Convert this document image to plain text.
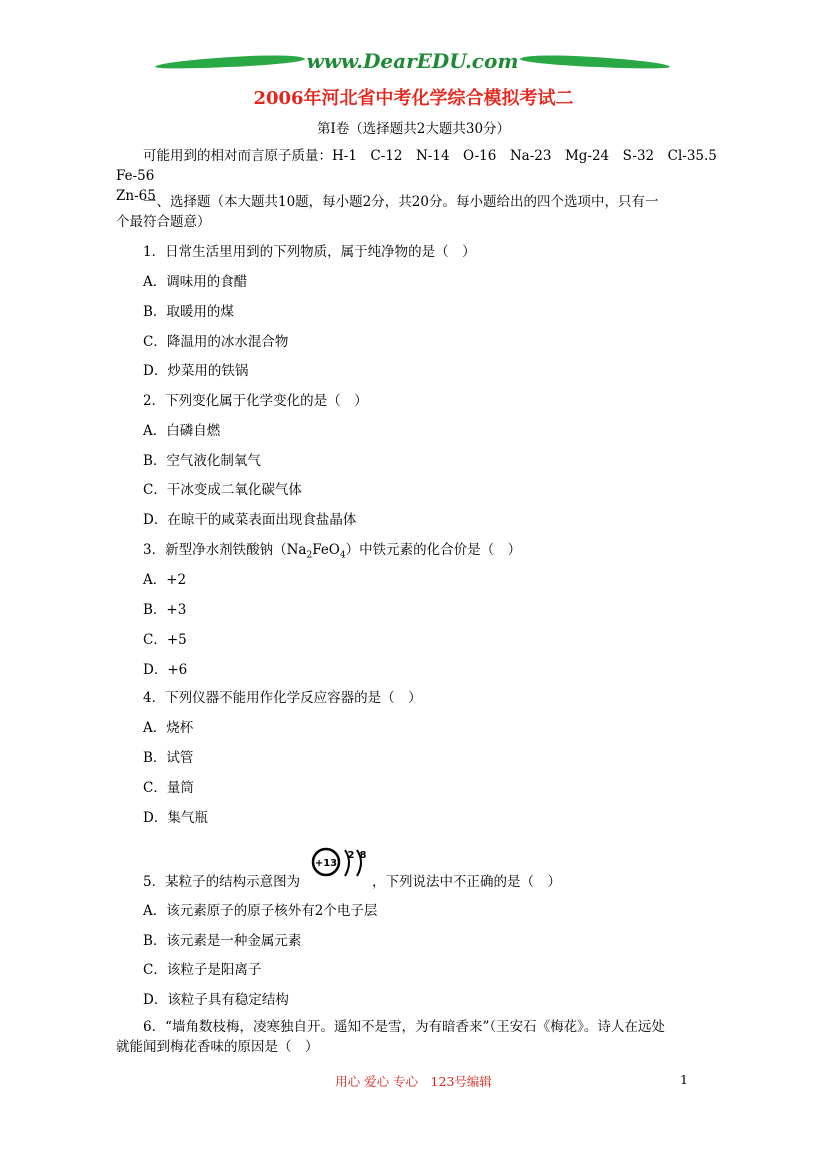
www.DearEDU.com
2006年河北省中考化学综合模拟考试二
第Ⅰ卷（选择题共2大题共30分）
可能用到的相对而言原子质量：H-1　C-12　N-14　O-16　Na-23　Mg-24　S-32　Cl-35.5　Fe-56
Zn-65
一、选择题（本大题共10题，每小题2分，共20分。每小题给出的四个选项中，只有一
个最符合题意）
1．日常生活里用到的下列物质，属于纯净物的是（　）
A．调味用的食醋
B．取暖用的煤
C．降温用的冰水混合物
D．炒菜用的铁锅
2．下列变化属于化学变化的是（　）
A．白磷自燃
B．空气液化制氧气
C．干冰变成二氧化碳气体
D．在晾干的咸菜表面出现食盐晶体
3．新型净水剂铁酸钠$(Na_2FeO_4)$中铁元素的化合价是（　）
A．+2
B．+3
C．+5
D．+6
4．下列仪器不能用作化学反应容器的是（　）
A．烧杯
B．试管
C．量筒
D．集气瓶
5．某粒子的结构示意图为
+13
2 8
，下列说法中不正确的是（　）
A．该元素原子的原子核外有2个电子层
B．该元素是一种金属元素
C．该粒子是阳离子
D．该粒子具有稳定结构
6．“墙角数枝梅，凌寒独自开。遥知不是雪，为有暗香来”（王安石《梅花》。诗人在远处
就能闻到梅花香味的原因是（　）
用心 爱心 专心　123号编辑	1
